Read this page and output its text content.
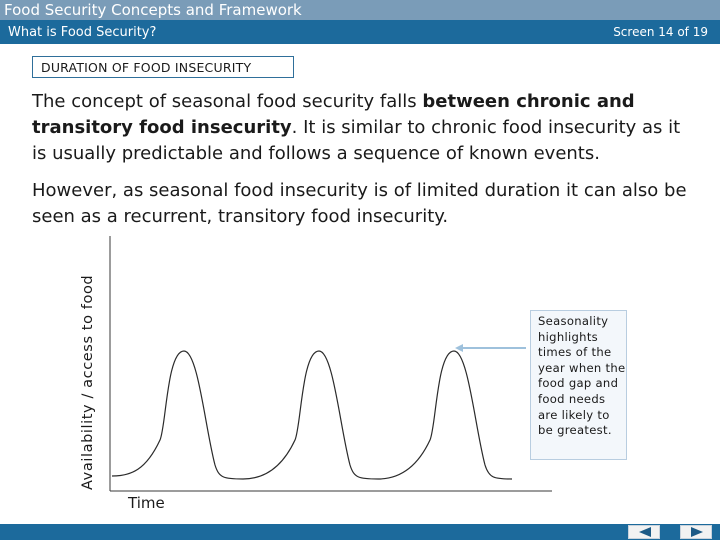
Food Security Concepts and Framework
What is Food Security?	Screen 14 of 19
DURATION OF FOOD INSECURITY

The concept of seasonal food security falls between chronic and transitory food insecurity. It is similar to chronic food insecurity as it is usually predictable and follows a sequence of known events.

However, as seasonal food insecurity is of limited duration it can also be seen as a recurrent, transitory food insecurity.

Availability / access to food
Time
Seasonality highlights times of the year when the food gap and food needs are likely to be greatest.
